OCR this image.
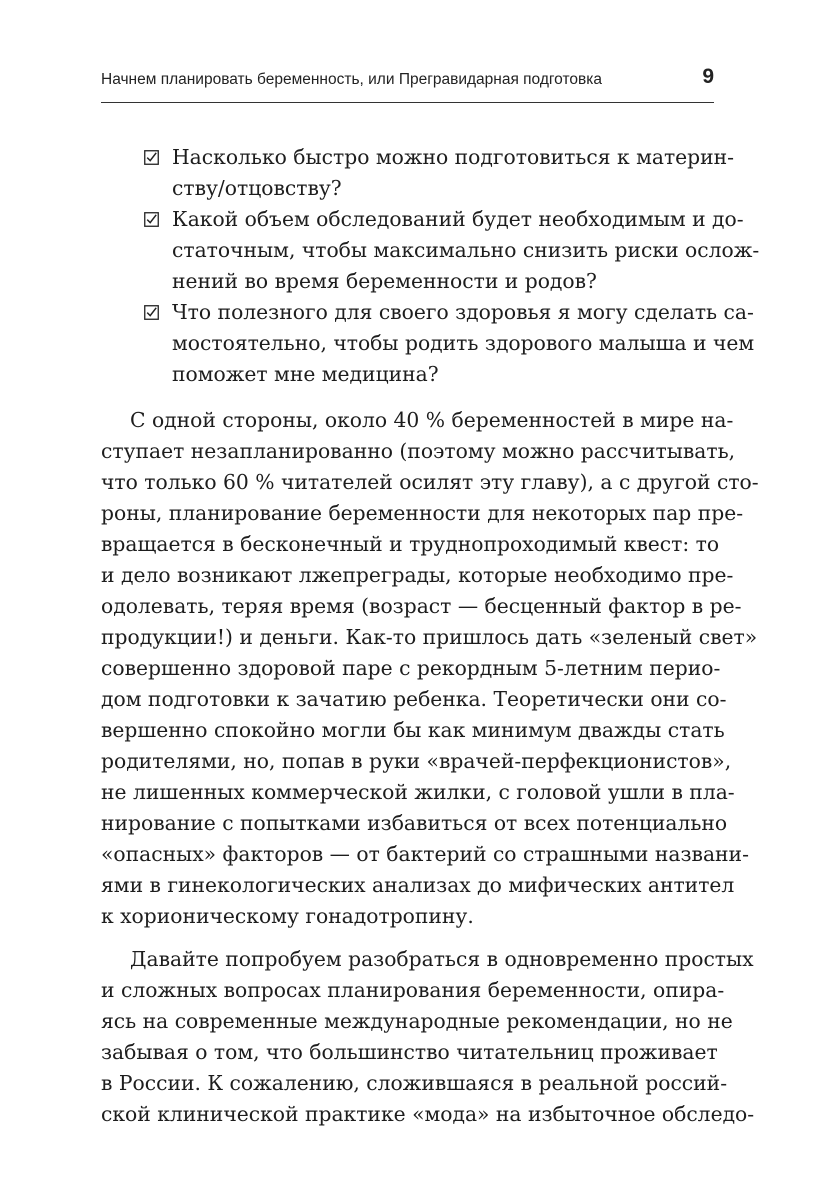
Начнем планировать беременность, или Прегравидарная подготовка	9
Насколько быстро можно подготовиться к материн-
ству/отцовству?
Какой объем обследований будет необходимым и до-
статочным, чтобы максимально снизить риски ослож-
нений во время беременности и родов?
Что полезного для своего здоровья я могу сделать са-
мостоятельно, чтобы родить здорового малыша и чем
поможет мне медицина?
С одной стороны, около 40 % беременностей в мире на-
ступает незапланированно (поэтому можно рассчитывать,
что только 60 % читателей осилят эту главу), а с другой сто-
роны, планирование беременности для некоторых пар пре-
вращается в бесконечный и труднопроходимый квест: то
и дело возникают лжепреграды, которые необходимо пре-
одолевать, теряя время (возраст — бесценный фактор в ре-
продукции!) и деньги. Как-то пришлось дать «зеленый свет»
совершенно здоровой паре с рекордным 5-летним перио-
дом подготовки к зачатию ребенка. Теоретически они со-
вершенно спокойно могли бы как минимум дважды стать
родителями, но, попав в руки «врачей-перфекционистов»,
не лишенных коммерческой жилки, с головой ушли в пла-
нирование с попытками избавиться от всех потенциально
«опасных» факторов — от бактерий со страшными названи-
ями в гинекологических анализах до мифических антител
к хорионическому гонадотропину.
Давайте попробуем разобраться в одновременно простых
и сложных вопросах планирования беременности, опира-
ясь на современные международные рекомендации, но не
забывая о том, что большинство читательниц проживает
в России. К сожалению, сложившаяся в реальной россий-
ской клинической практике «мода» на избыточное обследо-
